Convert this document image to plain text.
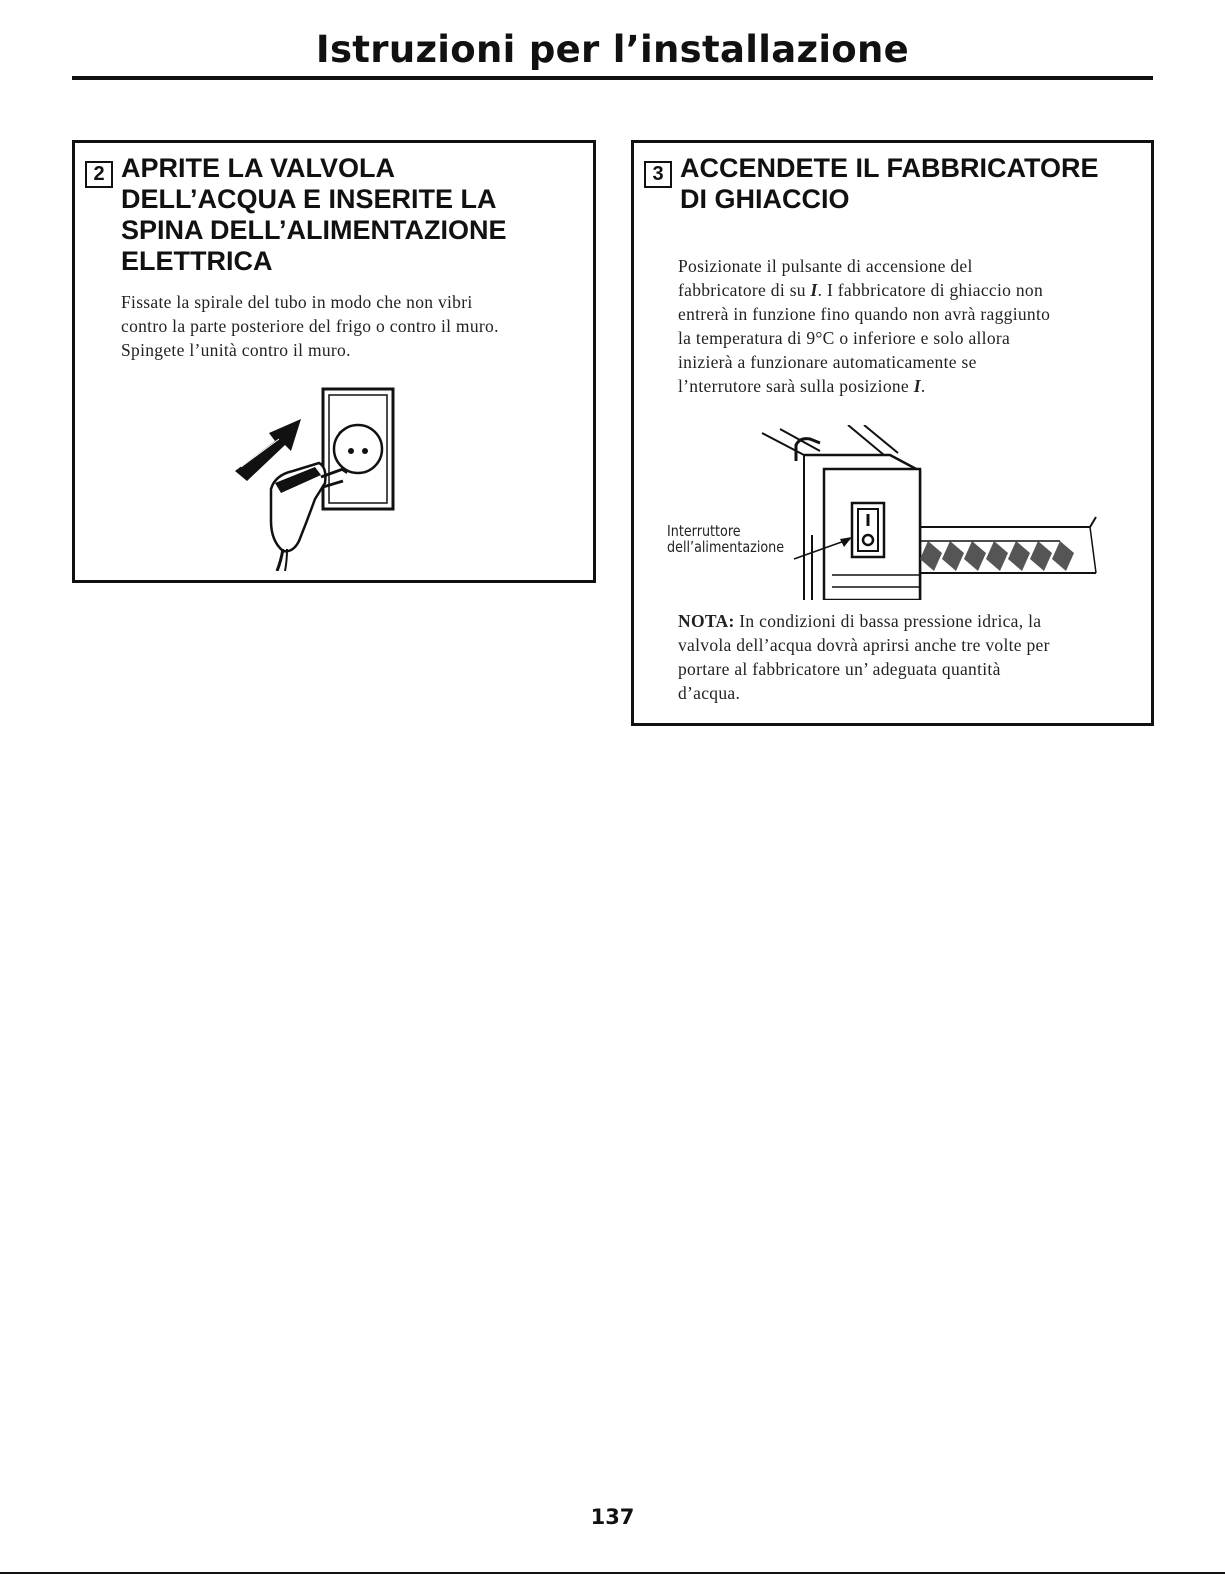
Istruzioni per l’installazione
2 APRITE LA VALVOLA
DELL’ACQUA E INSERITE LA
SPINA DELL’ALIMENTAZIONE
ELETTRICA
Fissate la spirale del tubo in modo che non vibri
contro la parte posteriore del frigo o contro il muro.
Spingete l’unità contro il muro.
3 ACCENDETE IL FABBRICATORE
DI GHIACCIO
Posizionate il pulsante di accensione del
fabbricatore di su I. I fabbricatore di ghiaccio non
entrerà in funzione fino quando non avrà raggiunto
la temperatura di 9°C o inferiore e solo allora
inizierà a funzionare automaticamente se
l’nterrutore sarà sulla posizione I.
Interruttore
dell’alimentazione
NOTA: In condizioni di bassa pressione idrica, la
valvola dell’acqua dovrà aprirsi anche tre volte per
portare al fabbricatore un’ adeguata quantità
d’acqua.
137
